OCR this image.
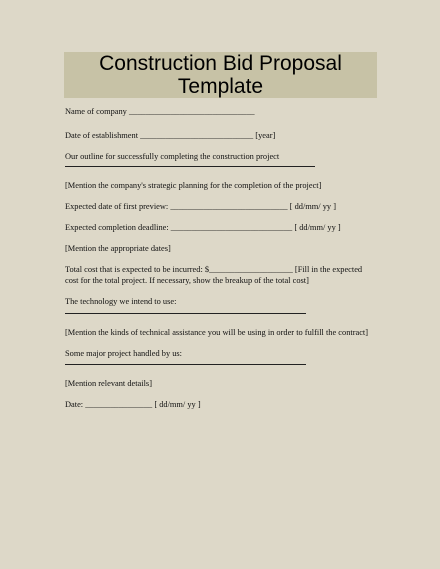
Construction Bid Proposal
Template
Name of company ______________________________
Date of establishment ___________________________ [year]
Our outline for successfully completing the construction project
[Mention the company's strategic planning for the completion of the project]
Expected date of first preview: ____________________________ [ dd/mm/ yy ]
Expected completion deadline: _____________________________ [ dd/mm/ yy ]
[Mention the appropriate dates]
Total cost that is expected to be incurred: $____________________ [Fill in the expected
cost for the total project. If necessary, show the breakup of the total cost]
The technology we intend to use:
[Mention the kinds of technical assistance you will be using in order to fulfill the contract]
Some major project handled by us:
[Mention relevant details]
Date: ________________ [ dd/mm/ yy ]
